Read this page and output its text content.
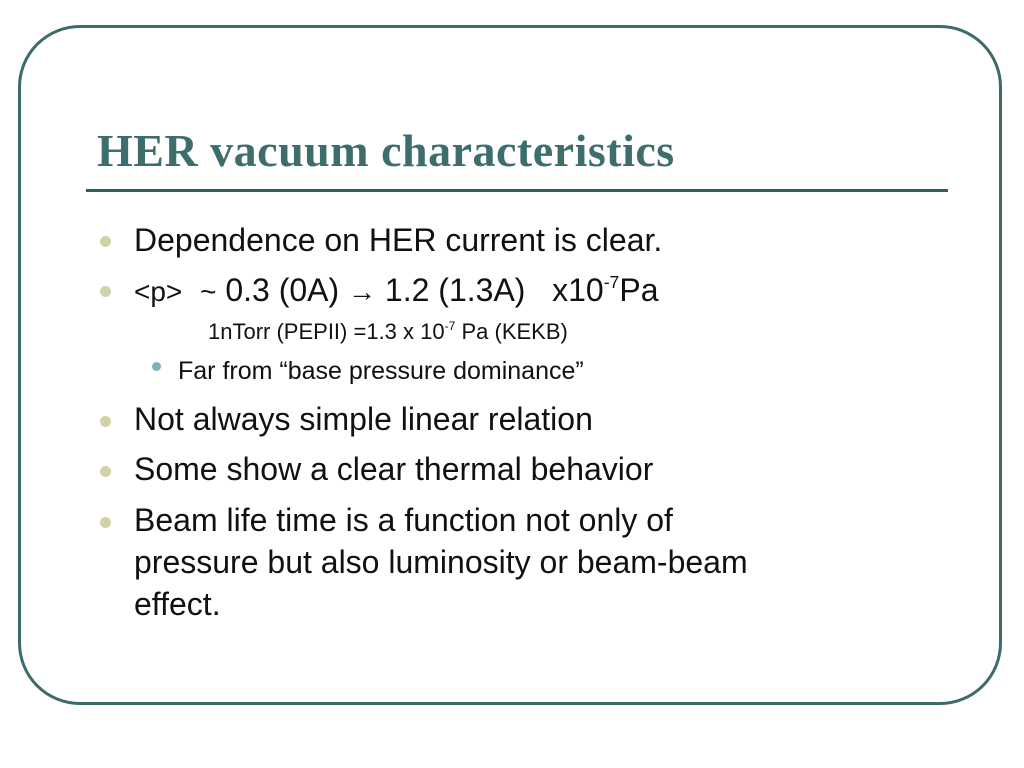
HER vacuum characteristics
Dependence on HER current is clear.
<p> ~ 0.3 (0A) → 1.2 (1.3A) $x10^{-7}Pa$
1nTorr (PEPII) =1.3 x $10^{-7}$ Pa (KEKB)
Far from “base pressure dominance”
Not always simple linear relation
Some show a clear thermal behavior
Beam life time is a function not only of
pressure but also luminosity or beam-beam
effect.
